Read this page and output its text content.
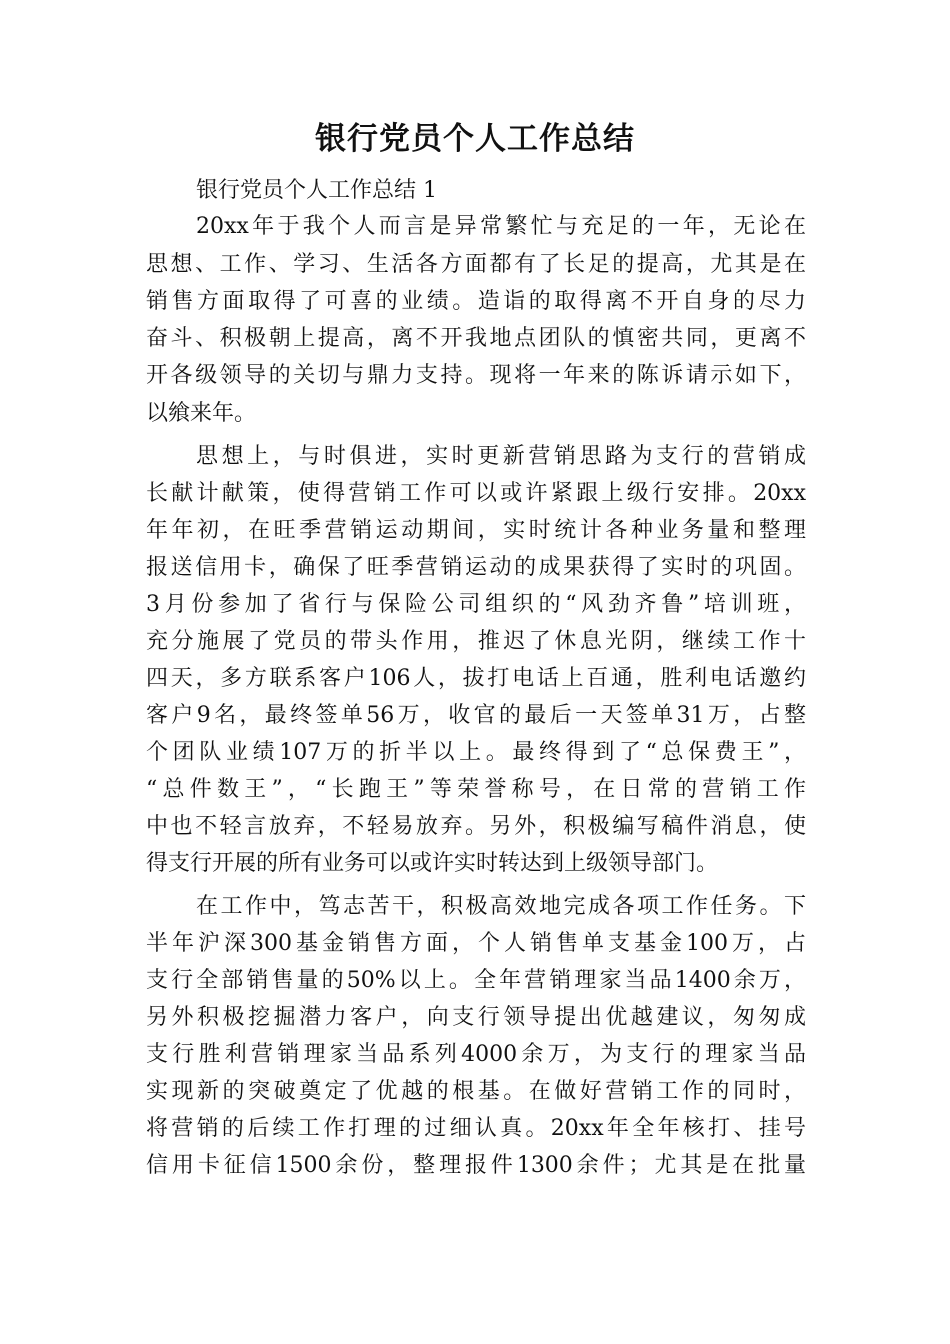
银行党员个人工作总结

银行党员个人工作总结 1

20xx年于我个人而言是异常繁忙与充足的一年，无论在

思想、工作、学习、生活各方面都有了长足的提高，尤其是在

销售方面取得了可喜的业绩。造诣的取得离不开自身的尽力

奋斗、积极朝上提高，离不开我地点团队的慎密共同，更离不

开各级领导的关切与鼎力支持。现将一年来的陈诉请示如下，

以飨来年。

思想上，与时俱进，实时更新营销思路为支行的营销成

长献计献策，使得营销工作可以或许紧跟上级行安排。20xx

年年初，在旺季营销运动期间，实时统计各种业务量和整理

报送信用卡，确保了旺季营销运动的成果获得了实时的巩固。

3月份参加了省行与保险公司组织的“风劲齐鲁”培训班，

充分施展了党员的带头作用，推迟了休息光阴，继续工作十

四天，多方联系客户106人，拔打电话上百通，胜利电话邀约

客户9名，最终签单56万，收官的最后一天签单31万，占整

个团队业绩107万的折半以上。最终得到了“总保费王”，

“总件数王”，“长跑王”等荣誉称号，在日常的营销工作

中也不轻言放弃，不轻易放弃。另外，积极编写稿件消息，使

得支行开展的所有业务可以或许实时转达到上级领导部门。

在工作中，笃志苦干，积极高效地完成各项工作任务。下

半年沪深300基金销售方面，个人销售单支基金100万，占

支行全部销售量的50%以上。全年营销理家当品1400余万，

另外积极挖掘潜力客户，向支行领导提出优越建议，匆匆成

支行胜利营销理家当品系列4000余万，为支行的理家当品

实现新的突破奠定了优越的根基。在做好营销工作的同时，

将营销的后续工作打理的过细认真。20xx年全年核打、挂号

信用卡征信1500余份，整理报件1300余件；尤其是在批量
